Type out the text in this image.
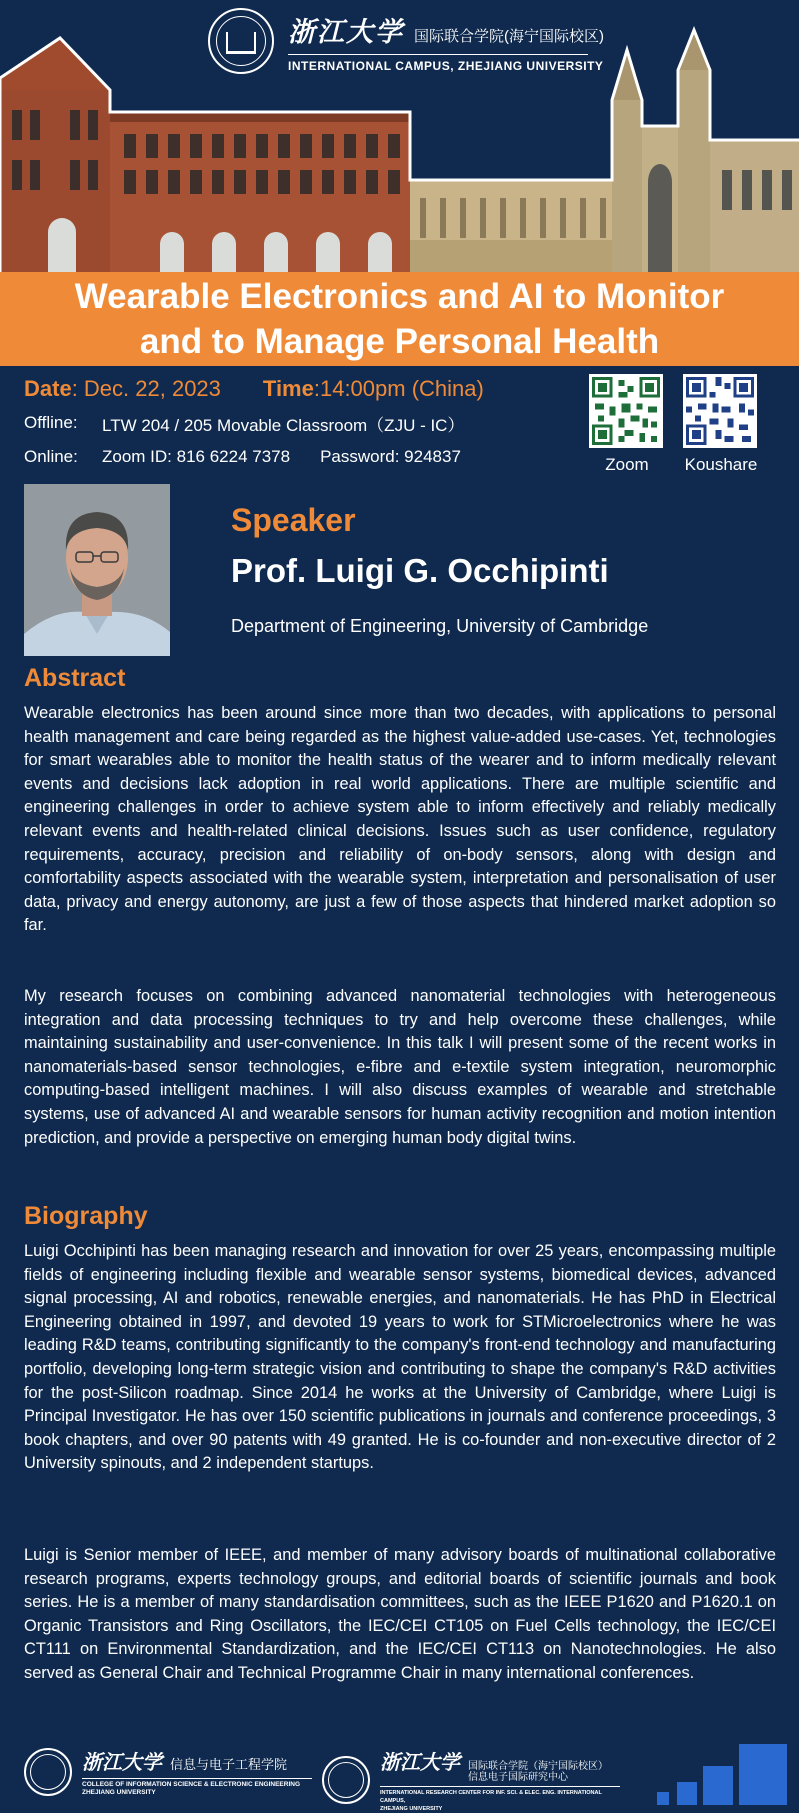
浙江大学 国际联合学院(海宁国际校区)
INTERNATIONAL CAMPUS, ZHEJIANG UNIVERSITY
Wearable Electronics and AI to Monitor
and to Manage Personal Health
Date : Dec. 22, 2023 Time :14:00pm (China)
Offline:	LTW 204 / 205 Movable Classroom（ZJU - IC）
Online:	Zoom ID: 816 6224 7378 Password: 924837	Zoom	Koushare
Speaker
Prof. Luigi G. Occhipinti
Department of Engineering, University of Cambridge
Abstract
Wearable electronics has been around since more than two decades, with applications to personal health management and care being regarded as the highest value-added use-cases. Yet, technologies for smart wearables able to monitor the health status of the wearer and to inform medically relevant events and decisions lack adoption in real world applications. There are multiple scientific and engineering challenges in order to achieve system able to inform effectively and reliably medically relevant events and health-related clinical decisions. Issues such as user confidence, regulatory requirements, accuracy, precision and reliability of on-body sensors, along with design and comfortability aspects associated with the wearable system, interpretation and personalisation of user data, privacy and energy autonomy, are just a few of those aspects that hindered market adoption so far.
My research focuses on combining advanced nanomaterial technologies with heterogeneous integration and data processing techniques to try and help overcome these challenges, while maintaining sustainability and user-convenience. In this talk I will present some of the recent works in nanomaterials-based sensor technologies, e-fibre and e-textile system integration, neuromorphic computing-based intelligent machines. I will also discuss examples of wearable and stretchable systems, use of advanced AI and wearable sensors for human activity recognition and motion intention prediction, and provide a perspective on emerging human body digital twins.
Biography
Luigi Occhipinti has been managing research and innovation for over 25 years, encompassing multiple fields of engineering including flexible and wearable sensor systems, biomedical devices, advanced signal processing, AI and robotics, renewable energies, and nanomaterials. He has PhD in Electrical Engineering obtained in 1997, and devoted 19 years to work for STMicroelectronics where he was leading R&D teams, contributing significantly to the company's front-end technology and manufacturing portfolio, developing long-term strategic vision and contributing to shape the company's R&D activities for the post-Silicon roadmap. Since 2014 he works at the University of Cambridge, where Luigi is Principal Investigator. He has over 150 scientific publications in journals and conference proceedings, 3 book chapters, and over 90 patents with 49 granted. He is co-founder and non-executive director of 2 University spinouts, and 2 independent startups.
Luigi is Senior member of IEEE, and member of many advisory boards of multinational collaborative research programs, experts technology groups, and editorial boards of scientific journals and book series. He is a member of many standardisation committees, such as the IEEE P1620 and P1620.1 on Organic Transistors and Ring Oscillators, the IEC/CEI CT105 on Fuel Cells technology, the IEC/CEI CT111 on Environmental Standardization, and the IEC/CEI CT113 on Nanotechnologies. He also served as General Chair and Technical Programme Chair in many international conferences.
浙江大学 信息与电子工程学院
COLLEGE OF INFORMATION SCIENCE & ELECTRONIC ENGINEERING
ZHEJIANG UNIVERSITY
浙江大学 国际联合学院（海宁国际校区）
信息电子国际研究中心
INTERNATIONAL RESEARCH CENTER FOR INF. SCI. & ELEC. ENG. INTERNATIONAL CAMPUS,
ZHEJIANG UNIVERSITY
